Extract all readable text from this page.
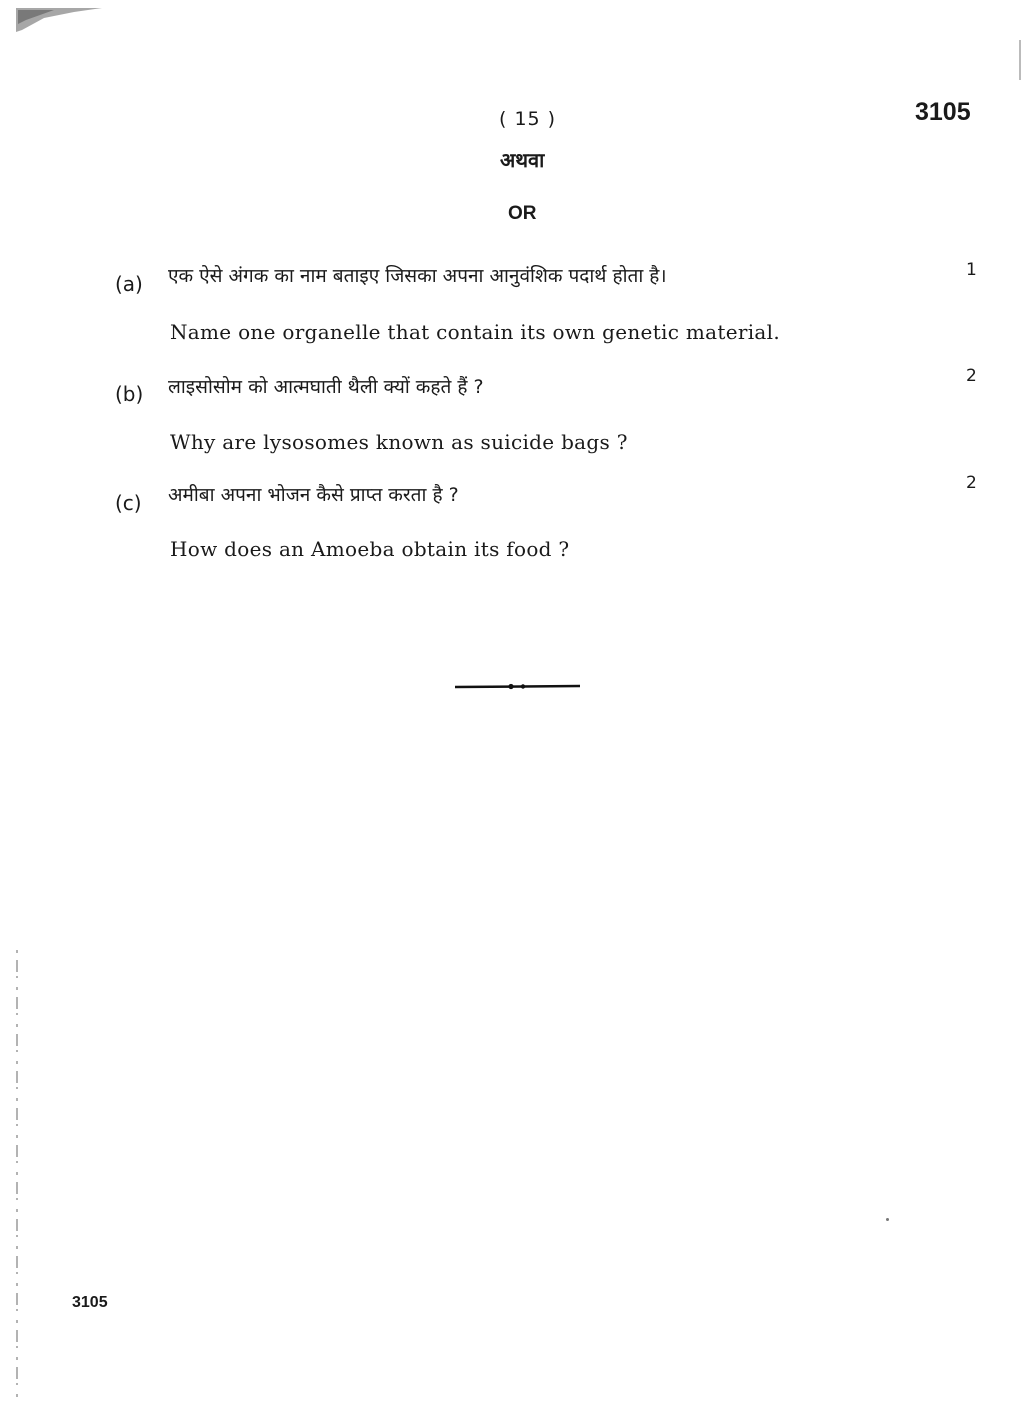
( 15 )	3105
अथवा
OR
(a) एक ऐसे अंगक का नाम बताइए जिसका अपना आनुवंशिक पदार्थ होता है।
Name one organelle that contain its own genetic material.
1
(b) लाइसोसोम को आत्मघाती थैली क्यों कहते हैं ?
Why are lysosomes known as suicide bags ?
2
(c) अमीबा अपना भोजन कैसे प्राप्त करता है ?
How does an Amoeba obtain its food ?
2
3105
